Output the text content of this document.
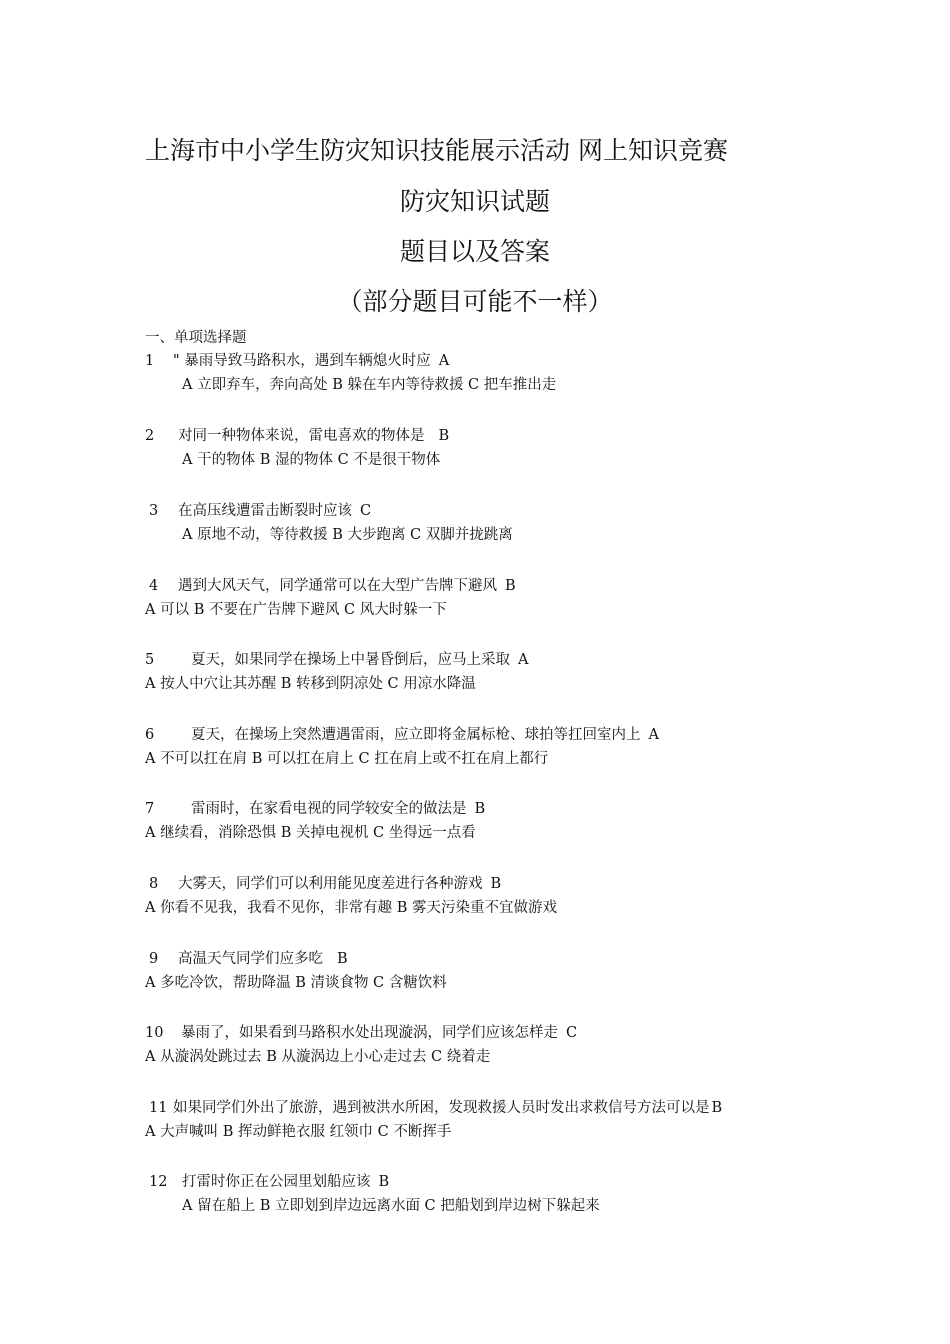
上海市中小学生防灾知识技能展示活动 网上知识竞赛
防灾知识试题
题目以及答案
（部分题目可能不一样）
一、单项选择题
1 " 暴雨导致马路积水，遇到车辆熄火时应 A
A 立即弃车，奔向高处 B 躲在车内等待救援 C 把车推出走
2 对同一种物体来说，雷电喜欢的物体是 B
A 干的物体 B 湿的物体 C 不是很干物体
3 在高压线遭雷击断裂时应该 C
A 原地不动，等待救援 B 大步跑离 C 双脚并拢跳离
4 遇到大风天气，同学通常可以在大型广告牌下避风 B
A 可以 B 不要在广告牌下避风 C 风大时躲一下
5	夏天，如果同学在操场上中暑昏倒后，应马上采取 A
A 按人中穴让其苏醒 B 转移到阴凉处 C 用凉水降温
6	夏天，在操场上突然遭遇雷雨，应立即将金属标枪、球拍等扛回室内上 A
A 不可以扛在肩 B 可以扛在肩上 C 扛在肩上或不扛在肩上都行
7	雷雨时，在家看电视的同学较安全的做法是 B
A 继续看，消除恐惧 B 关掉电视机 C 坐得远一点看
8 大雾天，同学们可以利用能见度差进行各种游戏 B
A 你看不见我，我看不见你，非常有趣 B 雾天污染重不宜做游戏
9 高温天气同学们应多吃 B
A 多吃冷饮，帮助降温 B 清谈食物 C 含糖饮料
10 暴雨了，如果看到马路积水处出现漩涡，同学们应该怎样走 C
A 从漩涡处跳过去 B 从漩涡边上小心走过去 C 绕着走
11 如果同学们外出了旅游，遇到被洪水所困，发现救援人员时发出求救信号方法可以是 B
A 大声喊叫 B 挥动鲜艳衣服 红领巾 C 不断挥手
12 打雷时你正在公园里划船应该 B
A 留在船上 B 立即划到岸边远离水面 C 把船划到岸边树下躲起来
